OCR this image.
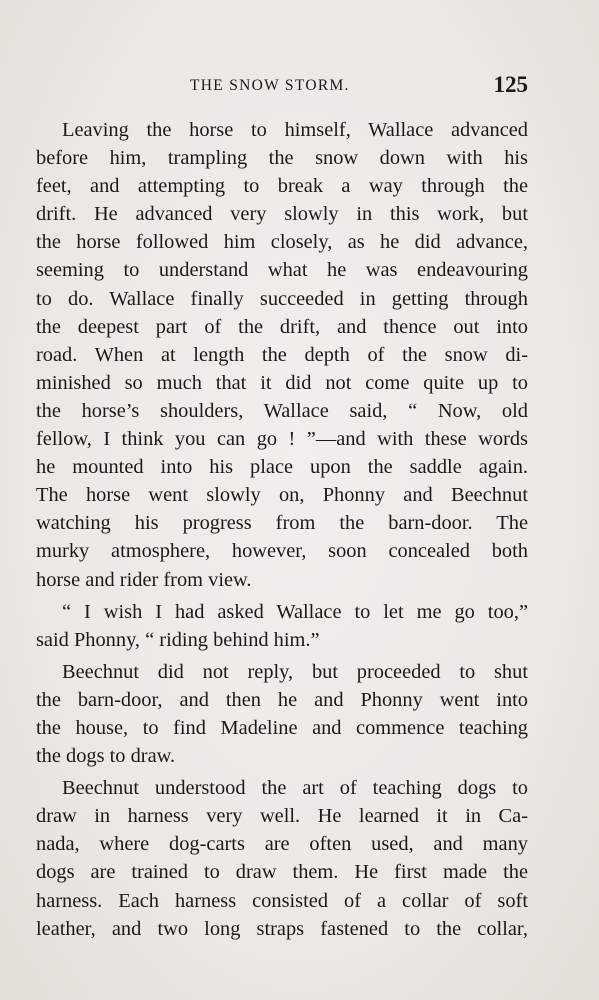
THE SNOW STORM.	125
Leaving the horse to himself, Wallace advanced
before him, trampling the snow down with his
feet, and attempting to break a way through the
drift. He advanced very slowly in this work, but
the horse followed him closely, as he did advance,
seeming to understand what he was endeavouring
to do. Wallace finally succeeded in getting through
the deepest part of the drift, and thence out into
road. When at length the depth of the snow di-
minished so much that it did not come quite up to
the horse’s shoulders, Wallace said, “ Now, old
fellow, I think you can go ! ”—and with these words
he mounted into his place upon the saddle again.
The horse went slowly on, Phonny and Beechnut
watching his progress from the barn-door. The
murky atmosphere, however, soon concealed both
horse and rider from view.
“ I wish I had asked Wallace to let me go too,”
said Phonny, “ riding behind him.”
Beechnut did not reply, but proceeded to shut
the barn-door, and then he and Phonny went into
the house, to find Madeline and commence teaching
the dogs to draw.
Beechnut understood the art of teaching dogs to
draw in harness very well. He learned it in Ca-
nada, where dog-carts are often used, and many
dogs are trained to draw them. He first made the
harness. Each harness consisted of a collar of soft
leather, and two long straps fastened to the collar,
